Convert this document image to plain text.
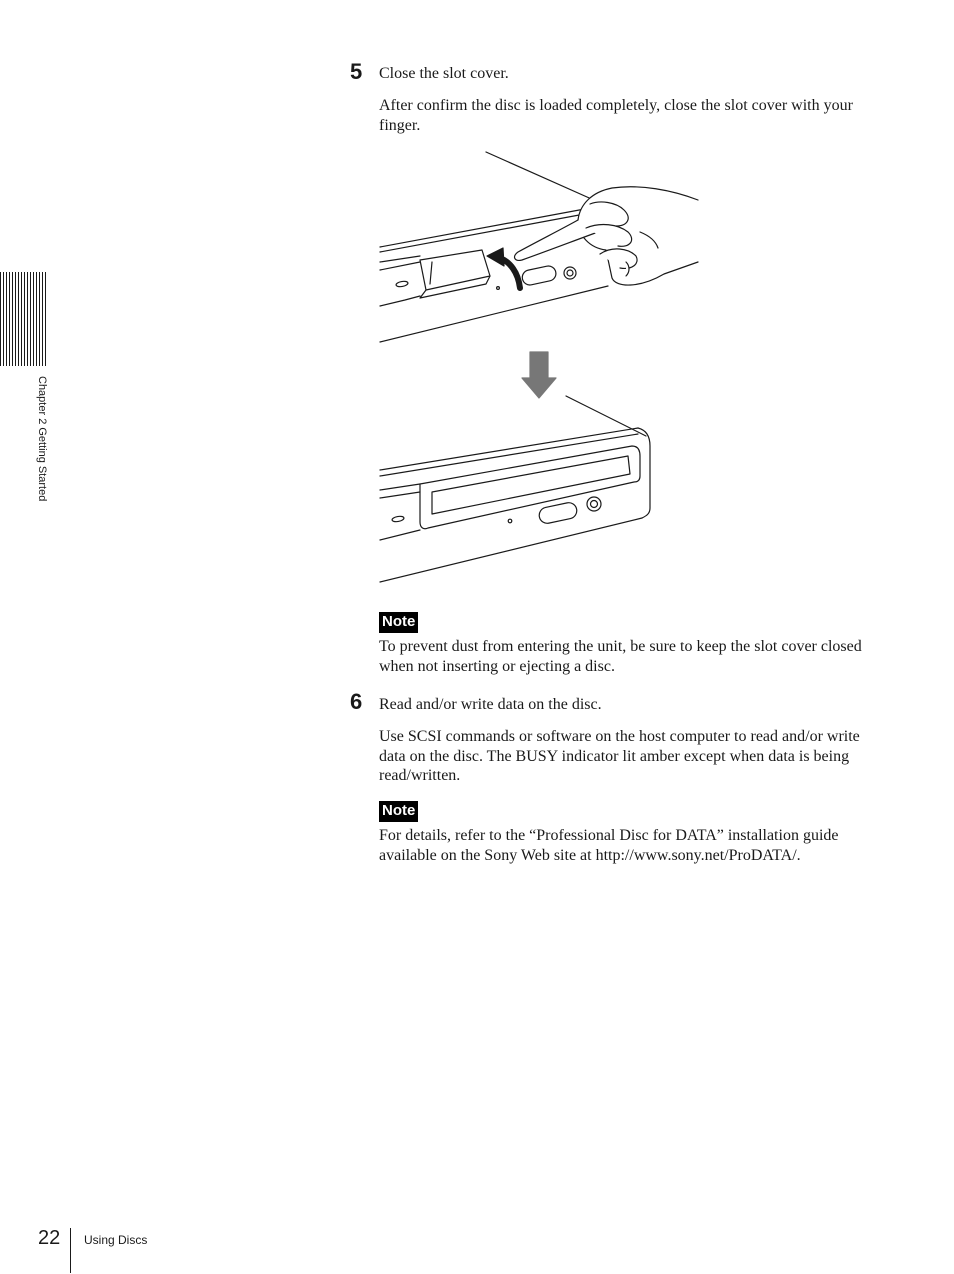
Chapter 2 Getting Started
5 Close the slot cover.
After confirm the disc is loaded completely, close the slot cover with your finger.
Note
To prevent dust from entering the unit, be sure to keep the slot cover closed when not inserting or ejecting a disc.
6 Read and/or write data on the disc.
Use SCSI commands or software on the host computer to read and/or write data on the disc. The BUSY indicator lit amber except when data is being read/written.
Note
For details, refer to the “Professional Disc for DATA” installation guide available on the Sony Web site at http://www.sony.net/ProDATA/.
22 Using Discs
